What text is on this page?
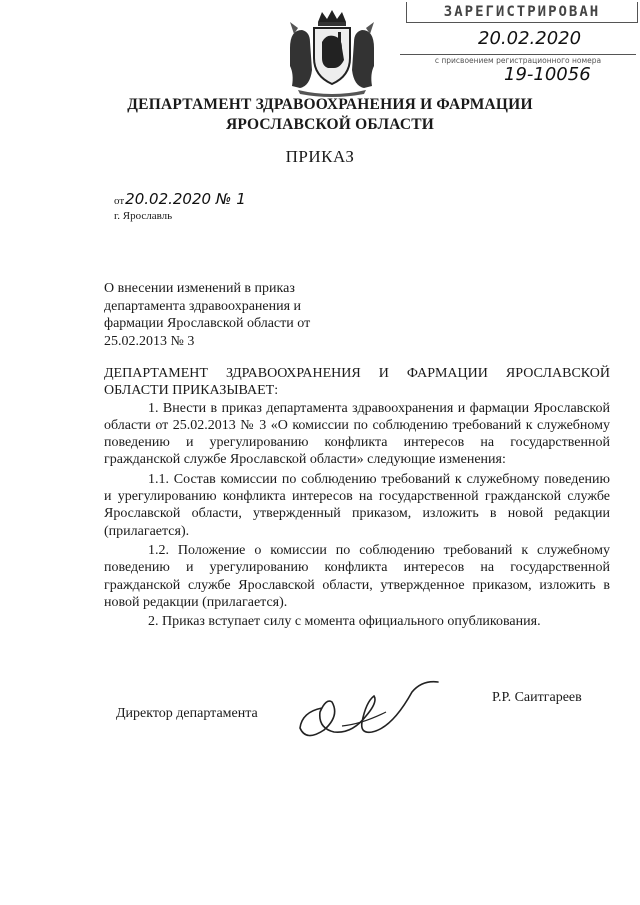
ЗАРЕГИСТРИРОВАН
20.02.2020
с присвоением регистрационного номера
19-10056
ДЕПАРТАМЕНТ ЗДРАВООХРАНЕНИЯ И ФАРМАЦИИ
ЯРОСЛАВСКОЙ ОБЛАСТИ
ПРИКАЗ
от20.02.2020 № 1
г. Ярославль
О внесении изменений в приказ
департамента здравоохранения и
фармации Ярославской области от
25.02.2013 № 3

ДЕПАРТАМЕНТ ЗДРАВООХРАНЕНИЯ И ФАРМАЦИИ ЯРОСЛАВСКОЙ ОБЛАСТИ ПРИКАЗЫВАЕТ:

1. Внести в приказ департамента здравоохранения и фармации Ярославской области от 25.02.2013 № 3 «О комиссии по соблюдению требований к служебному поведению и урегулированию конфликта интересов на государственной гражданской службе Ярославской области» следующие изменения:

1.1. Состав комиссии по соблюдению требований к служебному поведению и урегулированию конфликта интересов на государственной гражданской службе Ярославской области, утвержденный приказом, изложить в новой редакции (прилагается).

1.2. Положение о комиссии по соблюдению требований к служебному поведению и урегулированию конфликта интересов на государственной гражданской службе Ярославской области, утвержденное приказом, изложить в новой редакции (прилагается).

2. Приказ вступает силу с момента официального опубликования.

Директор департамента
Р.Р. Саитгареев
